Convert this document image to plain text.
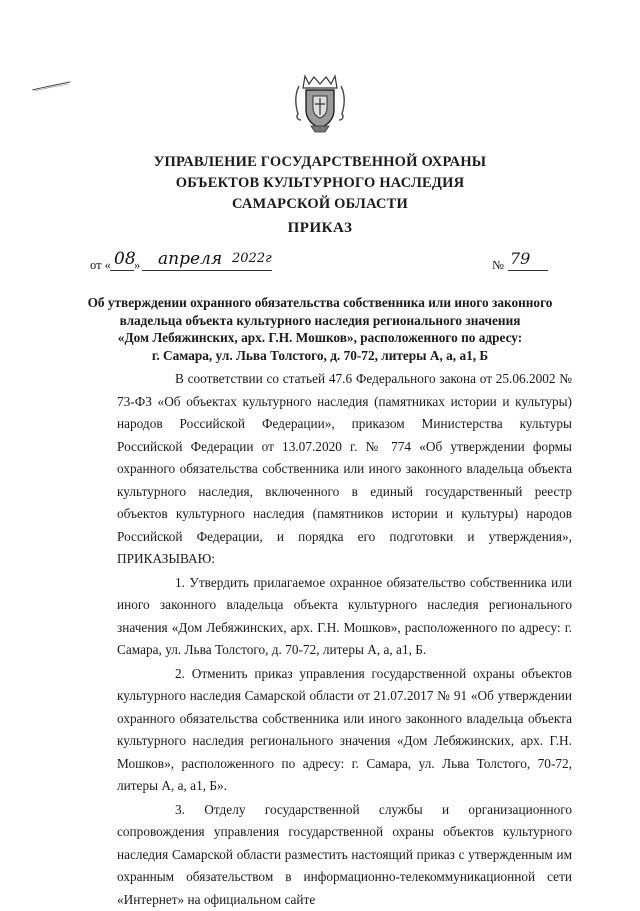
УПРАВЛЕНИЕ ГОСУДАРСТВЕННОЙ ОХРАНЫ
ОБЪЕКТОВ КУЛЬТУРНОГО НАСЛЕДИЯ
САМАРСКОЙ ОБЛАСТИ
ПРИКАЗ
от « 08
» апреля 2022г	№ 79
Об утверждении охранного обязательства собственника или иного законного
владельца объекта культурного наследия регионального значения
«Дом Лебяжинских, арх. Г.Н. Мошков», расположенного по адресу:
г. Самара, ул. Льва Толстого, д. 70-72, литеры А, а, а1, Б

В соответствии со статьей 47.6 Федерального закона от 25.06.2002 № 73-ФЗ «Об объектах культурного наследия (памятниках истории и культуры) народов Российской Федерации», приказом Министерства культуры Российской Федерации от 13.07.2020 г. № 774 «Об утверждении формы охранного обязательства собственника или иного законного владельца объекта культурного наследия, включенного в единый государственный реестр объектов культурного наследия (памятников истории и культуры) народов Российской Федерации, и порядка его подготовки и утверждения», ПРИКАЗЫВАЮ:

1. Утвердить прилагаемое охранное обязательство собственника или иного законного владельца объекта культурного наследия регионального значения «Дом Лебяжинских, арх. Г.Н. Мошков», расположенного по адресу: г. Самара, ул. Льва Толстого, д. 70-72, литеры А, а, а1, Б.

2. Отменить приказ управления государственной охраны объектов культурного наследия Самарской области от 21.07.2017 № 91 «Об утверждении охранного обязательства собственника или иного законного владельца объекта культурного наследия регионального значения «Дом Лебяжинских, арх. Г.Н. Мошков», расположенного по адресу: г. Самара, ул. Льва Толстого, 70-72, литеры А, а, а1, Б».

3. Отделу государственной службы и организационного сопровождения управления государственной охраны объектов культурного наследия Самарской области разместить настоящий приказ с утвержденным им охранным обязательством в информационно-телекоммуникационной сети «Интернет» на официальном сайте
